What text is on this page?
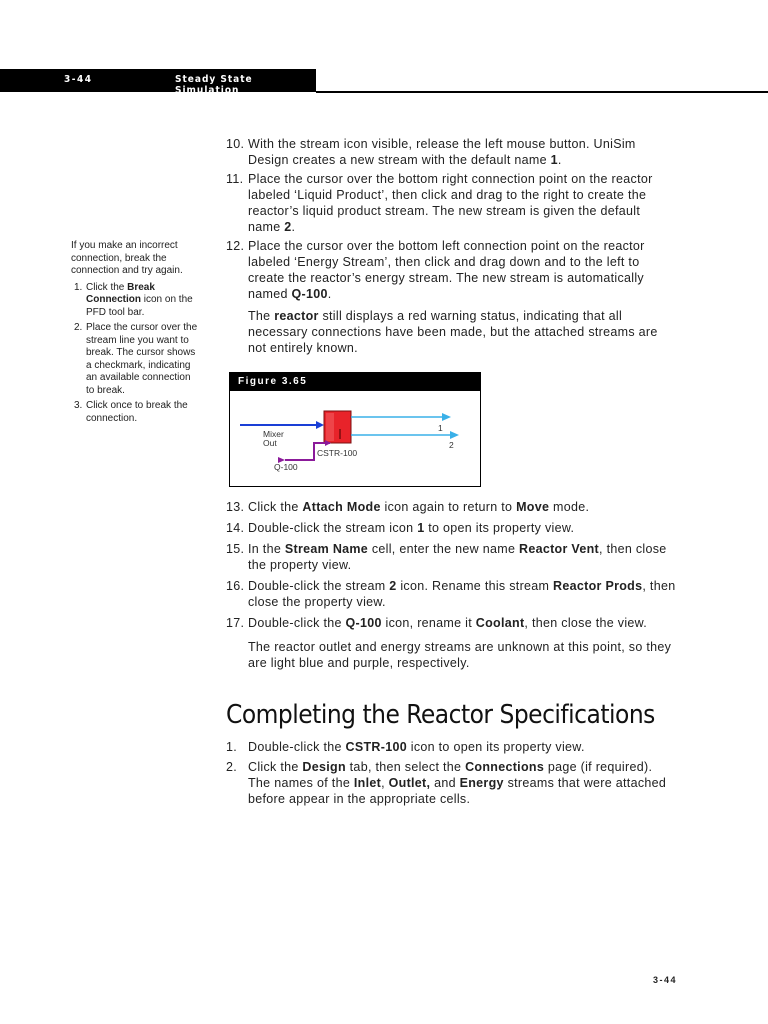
3-44	Steady State Simulation
10. With the stream icon visible, release the left mouse button. UniSim Design creates a new stream with the default name 1.

11. Place the cursor over the bottom right connection point on the reactor labeled ‘Liquid Product’, then click and drag to the right to create the reactor’s liquid product stream. The new stream is given the default name 2.

12. Place the cursor over the bottom left connection point on the reactor labeled ‘Energy Stream’, then click and drag down and to the left to create the reactor’s energy stream. The new stream is automatically named Q-100.

The reactor still displays a red warning status, indicating that all necessary connections have been made, but the attached streams are not entirely known.

If you make an incorrect connection, break the connection and try again.

1. Click the Break Connection icon on the PFD tool bar.
2. Place the cursor over the stream line you want to break. The cursor shows a checkmark, indicating an available connection to break.
3. Click once to break the connection.
Figure 3.65
Mixer Out
CSTR-100
1
2
Q-100
13. Click the Attach Mode icon again to return to Move mode.

14. Double-click the stream icon 1 to open its property view.

15. In the Stream Name cell, enter the new name Reactor Vent, then close the property view.

16. Double-click the stream 2 icon. Rename this stream Reactor Prods, then close the property view.

17. Double-click the Q-100 icon, rename it Coolant, then close the view.

The reactor outlet and energy streams are unknown at this point, so they are light blue and purple, respectively.

Completing the Reactor Specifications
1. Double-click the CSTR-100 icon to open its property view.

2. Click the Design tab, then select the Connections page (if required). The names of the Inlet, Outlet, and Energy streams that were attached before appear in the appropriate cells.

3-44
